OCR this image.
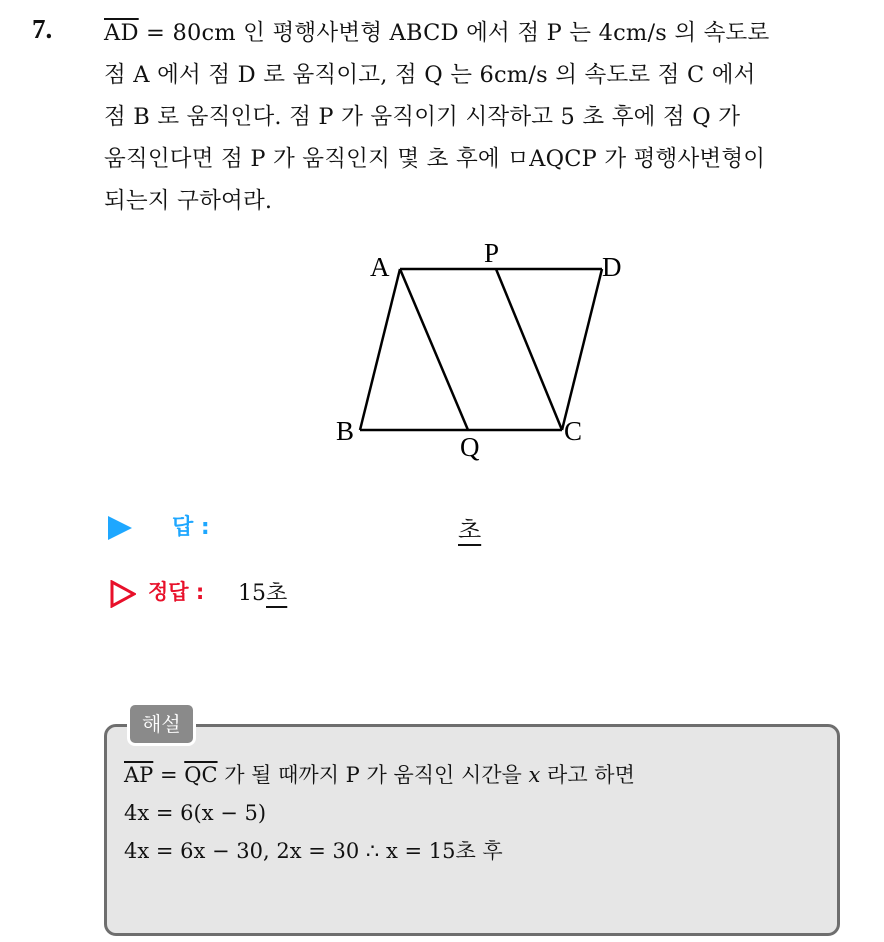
7. $\overline{AD} = 80cm$ 인 평행사변형 ABCD 에서 점 P 는 4cm/s 의 속도로
점 A 에서 점 D 로 움직이고, 점 Q 는 6cm/s 의 속도로 점 C 에서
점 B 로 움직인다. 점 P 가 움직이기 시작하고 5 초 후에 점 Q 가
움직인다면 점 P 가 움직인지 몇 초 후에 ㅁAQCP 가 평행사변형이
되는지 구하여라.
A	P	D
B
Q
C
답 :	초
정답 : 15초
해설
$\overline{AP} = \overline{QC}$ 가 될 때까지 P 가 움직인 시간을 x 라고 하면
4x = 6(x − 5)
4x = 6x − 30, 2x = 30 ∴ x = 15초 후
